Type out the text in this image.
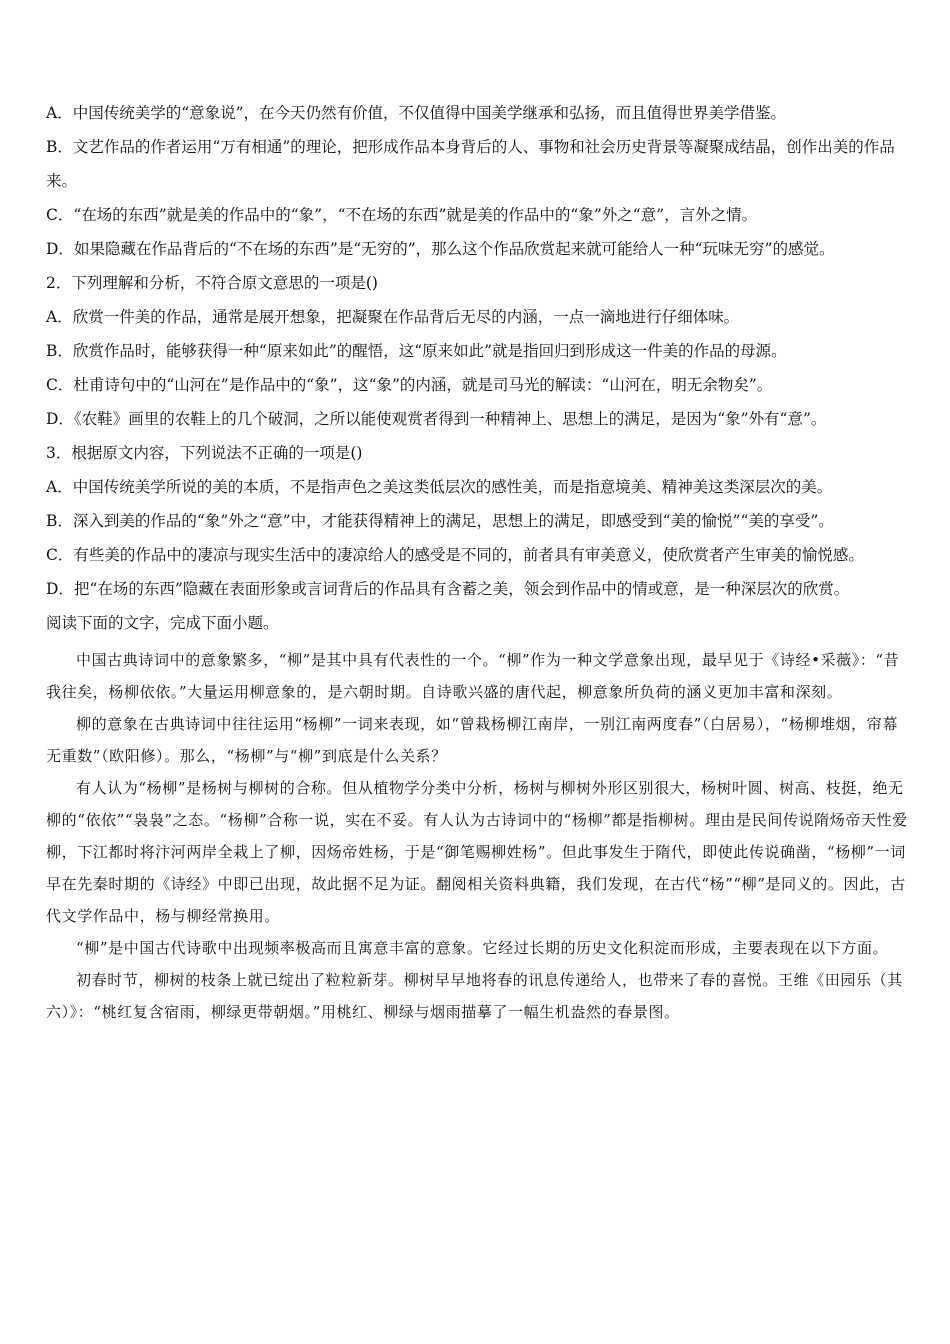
A．中国传统美学的“意象说”，在今天仍然有价值，不仅值得中国美学继承和弘扬，而且值得世界美学借鉴。

B．文艺作品的作者运用“万有相通”的理论，把形成作品本身背后的人、事物和社会历史背景等凝聚成结晶，创作出美的作品来。

C．“在场的东西”就是美的作品中的“象”，“不在场的东西”就是美的作品中的“象”外之“意”，言外之情。

D．如果隐藏在作品背后的“不在场的东西”是“无穷的”，那么这个作品欣赏起来就可能给人一种“玩味无穷”的感觉。

2．下列理解和分析，不符合原文意思的一项是()

A．欣赏一件美的作品，通常是展开想象，把凝聚在作品背后无尽的内涵，一点一滴地进行仔细体味。

B．欣赏作品时，能够获得一种“原来如此”的醒悟，这“原来如此”就是指回归到形成这一件美的作品的母源。

C．杜甫诗句中的“山河在”是作品中的“象”，这“象”的内涵，就是司马光的解读：“山河在，明无余物矣”。

D．《农鞋》画里的农鞋上的几个破洞，之所以能使观赏者得到一种精神上、思想上的满足，是因为“象”外有“意”。

3．根据原文内容，下列说法不正确的一项是()

A．中国传统美学所说的美的本质，不是指声色之美这类低层次的感性美，而是指意境美、精神美这类深层次的美。

B．深入到美的作品的“象”外之“意”中，才能获得精神上的满足，思想上的满足，即感受到“美的愉悦”“美的享受”。

C．有些美的作品中的凄凉与现实生活中的凄凉给人的感受是不同的，前者具有审美意义，使欣赏者产生审美的愉悦感。

D．把“在场的东西”隐藏在表面形象或言词背后的作品具有含蓄之美，领会到作品中的情或意，是一种深层次的欣赏。

阅读下面的文字，完成下面小题。

中国古典诗词中的意象繁多，“柳”是其中具有代表性的一个。“柳”作为一种文学意象出现，最早见于《诗经•采薇》：“昔我往矣，杨柳依依。”大量运用柳意象的，是六朝时期。自诗歌兴盛的唐代起，柳意象所负荷的涵义更加丰富和深刻。

柳的意象在古典诗词中往往运用“杨柳”一词来表现，如“曾栽杨柳江南岸，一别江南两度春”（白居易），“杨柳堆烟，帘幕无重数”（欧阳修）。那么，“杨柳”与“柳”到底是什么关系？

有人认为“杨柳”是杨树与柳树的合称。但从植物学分类中分析，杨树与柳树外形区别很大，杨树叶圆、树高、枝挺，绝无柳的“依依”“袅袅”之态。“杨柳”合称一说，实在不妥。有人认为古诗词中的“杨柳”都是指柳树。理由是民间传说隋炀帝天性爱柳，下江都时将汴河两岸全栽上了柳，因炀帝姓杨，于是“御笔赐柳姓杨”。但此事发生于隋代，即使此传说确凿，“杨柳”一词早在先秦时期的《诗经》中即已出现，故此据不足为证。翻阅相关资料典籍，我们发现，在古代“杨”“柳”是同义的。因此，古代文学作品中，杨与柳经常换用。

“柳”是中国古代诗歌中出现频率极高而且寓意丰富的意象。它经过长期的历史文化积淀而形成，主要表现在以下方面。

初春时节，柳树的枝条上就已绽出了粒粒新芽。柳树早早地将春的讯息传递给人，也带来了春的喜悦。王维《田园乐（其六）》：“桃红复含宿雨，柳绿更带朝烟。”用桃红、柳绿与烟雨描摹了一幅生机盎然的春景图。
